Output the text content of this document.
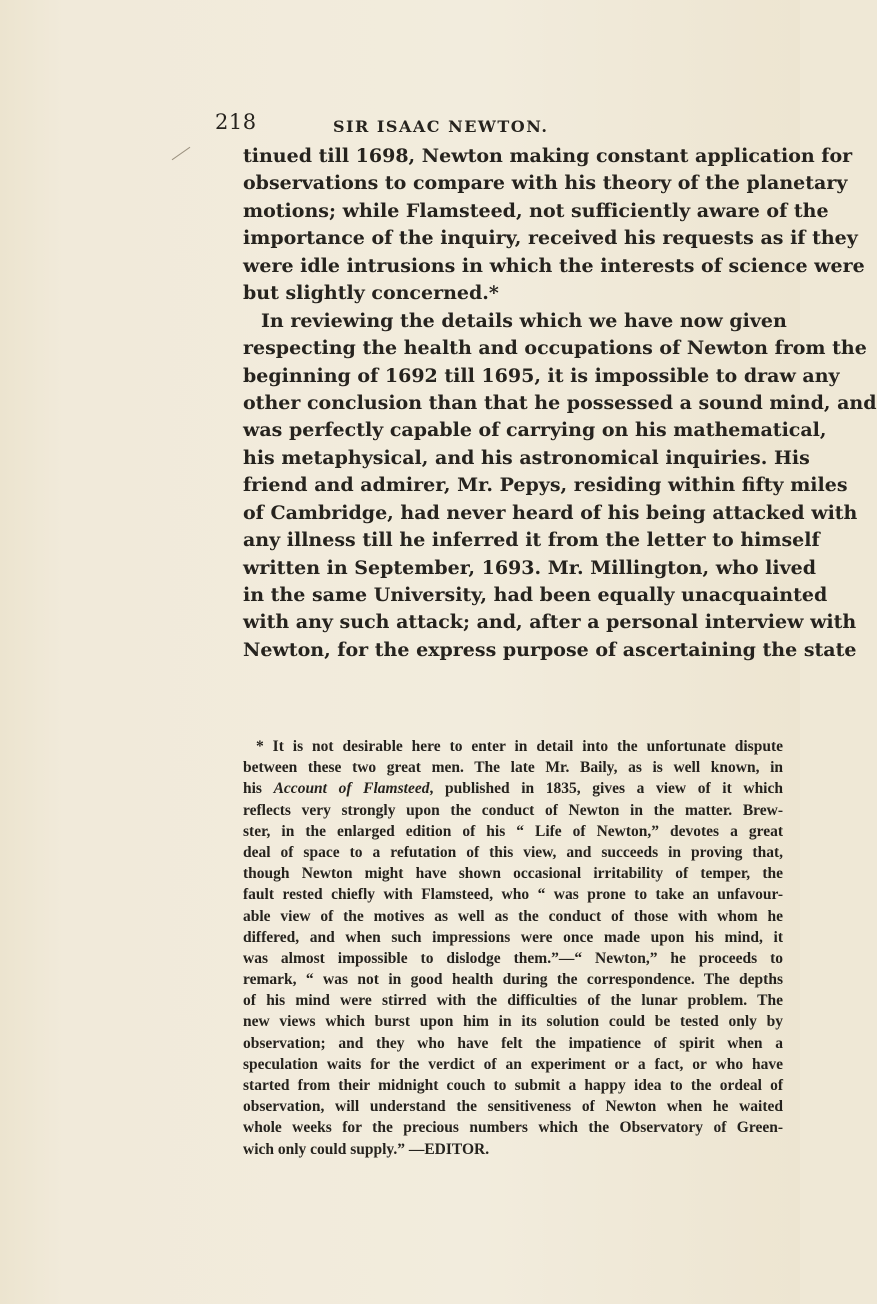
218	SIR ISAAC NEWTON.
tinued till 1698, Newton making constant application for
observations to compare with his theory of the planetary
motions; while Flamsteed, not sufficiently aware of the
importance of the inquiry, received his requests as if they
were idle intrusions in which the interests of science were
but slightly concerned.*
In reviewing the details which we have now given
respecting the health and occupations of Newton from the
beginning of 1692 till 1695, it is impossible to draw any
other conclusion than that he possessed a sound mind, and
was perfectly capable of carrying on his mathematical,
his metaphysical, and his astronomical inquiries. His
friend and admirer, Mr. Pepys, residing within fifty miles
of Cambridge, had never heard of his being attacked with
any illness till he inferred it from the letter to himself
written in September, 1693. Mr. Millington, who lived
in the same University, had been equally unacquainted
with any such attack; and, after a personal interview with
Newton, for the express purpose of ascertaining the state
* It is not desirable here to enter in detail into the unfortunate dispute
between these two great men. The late Mr. Baily, as is well known, in
his Account of Flamsteed, published in 1835, gives a view of it which
reflects very strongly upon the conduct of Newton in the matter. Brew-
ster, in the enlarged edition of his “ Life of Newton,” devotes a great
deal of space to a refutation of this view, and succeeds in proving that,
though Newton might have shown occasional irritability of temper, the
fault rested chiefly with Flamsteed, who “ was prone to take an unfavour-
able view of the motives as well as the conduct of those with whom he
differed, and when such impressions were once made upon his mind, it
was almost impossible to dislodge them.”—“ Newton,” he proceeds to
remark, “ was not in good health during the correspondence. The depths
of his mind were stirred with the difficulties of the lunar problem. The
new views which burst upon him in its solution could be tested only by
observation; and they who have felt the impatience of spirit when a
speculation waits for the verdict of an experiment or a fact, or who have
started from their midnight couch to submit a happy idea to the ordeal of
observation, will understand the sensitiveness of Newton when he waited
whole weeks for the precious numbers which the Observatory of Green-
wich only could supply.” —EDITOR.
